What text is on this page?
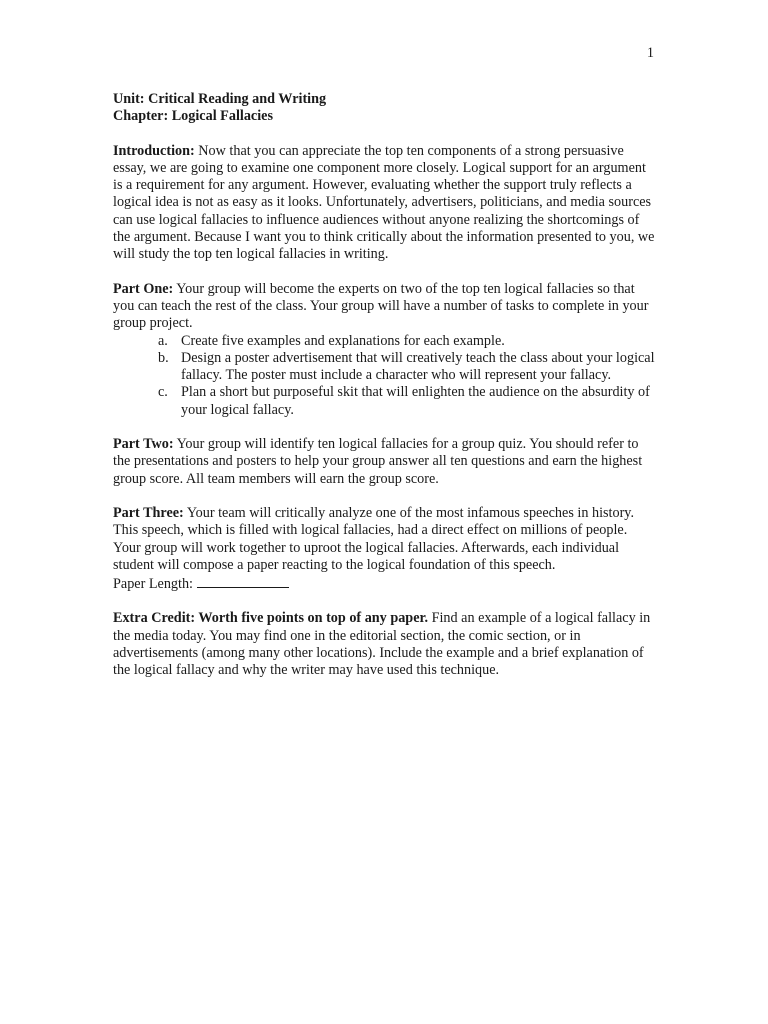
1

Unit: Critical Reading and Writing

Chapter: Logical Fallacies

Introduction: Now that you can appreciate the top ten components of a strong persuasive essay, we are going to examine one component more closely. Logical support for an argument is a requirement for any argument. However, evaluating whether the support truly reflects a logical idea is not as easy as it looks. Unfortunately, advertisers, politicians, and media sources can use logical fallacies to influence audiences without anyone realizing the shortcomings of the argument. Because I want you to think critically about the information presented to you, we will study the top ten logical fallacies in writing.

Part One: Your group will become the experts on two of the top ten logical fallacies so that you can teach the rest of the class. Your group will have a number of tasks to complete in your group project.

a. Create five examples and explanations for each example.
b. Design a poster advertisement that will creatively teach the class about your logical fallacy. The poster must include a character who will represent your fallacy.
c. Plan a short but purposeful skit that will enlighten the audience on the absurdity of your logical fallacy.

Part Two: Your group will identify ten logical fallacies for a group quiz. You should refer to the presentations and posters to help your group answer all ten questions and earn the highest group score. All team members will earn the group score.

Part Three: Your team will critically analyze one of the most infamous speeches in history. This speech, which is filled with logical fallacies, had a direct effect on millions of people. Your group will work together to uproot the logical fallacies. Afterwards, each individual student will compose a paper reacting to the logical foundation of this speech.
Paper Length:

Extra Credit: Worth five points on top of any paper. Find an example of a logical fallacy in the media today. You may find one in the editorial section, the comic section, or in advertisements (among many other locations). Include the example and a brief explanation of the logical fallacy and why the writer may have used this technique.
